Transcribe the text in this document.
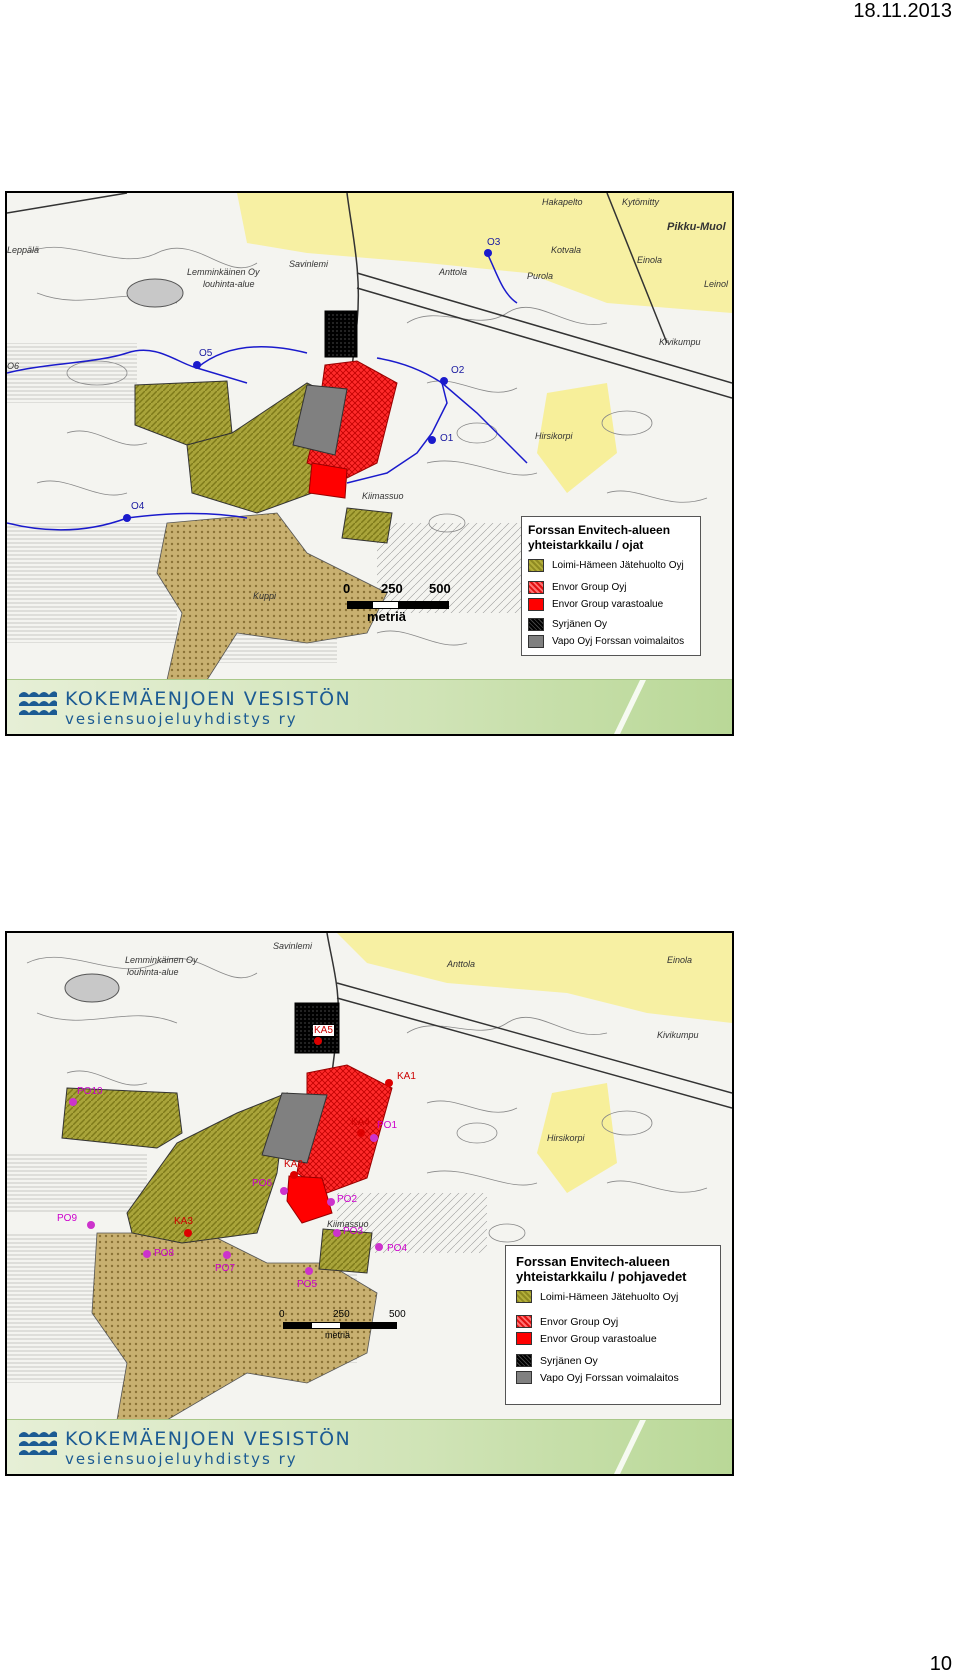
18.11.2013
O1
O2
O3
O4
O5
Leppälä
Hakapelto	Kytömitty
Pikku-Muol
Kotvala
Einola
Anttola	Purola
Leinol
Savinlemi
Lemminkäinen Oy
louhinta-alue
Kivikumpu
Hirsikorpi
Kiimassuo
Kuppi
O6
0 250 500
metriä
Forssan Envitech-alueen
yhteistarkkailu / ojat
Loimi-Hämeen Jätehuolto Oyj
Envor Group Oyj
Envor Group varastoalue
Syrjänen Oy
Vapo Oyj Forssan voimalaitos
KOKEMÄENJOEN VESISTÖN
vesiensuojeluyhdistys ry
KA1
KA2
KA3
KA4
KA5
PO1
PO2
PO3
PO4
PO5
PO6
PO7
PO8
PO9
PO10
Savinlemi
Anttola	Einola
Lemminkäinen Oy
louhinta-alue
Kivikumpu
Hirsikorpi
Kiimassuo
0	250	500
metriä
Forssan Envitech-alueen
yhteistarkkailu / pohjavedet
Loimi-Hämeen Jätehuolto Oyj
Envor Group Oyj
Envor Group varastoalue
Syrjänen Oy
Vapo Oyj Forssan voimalaitos
KOKEMÄENJOEN VESISTÖN
vesiensuojeluyhdistys ry
10
